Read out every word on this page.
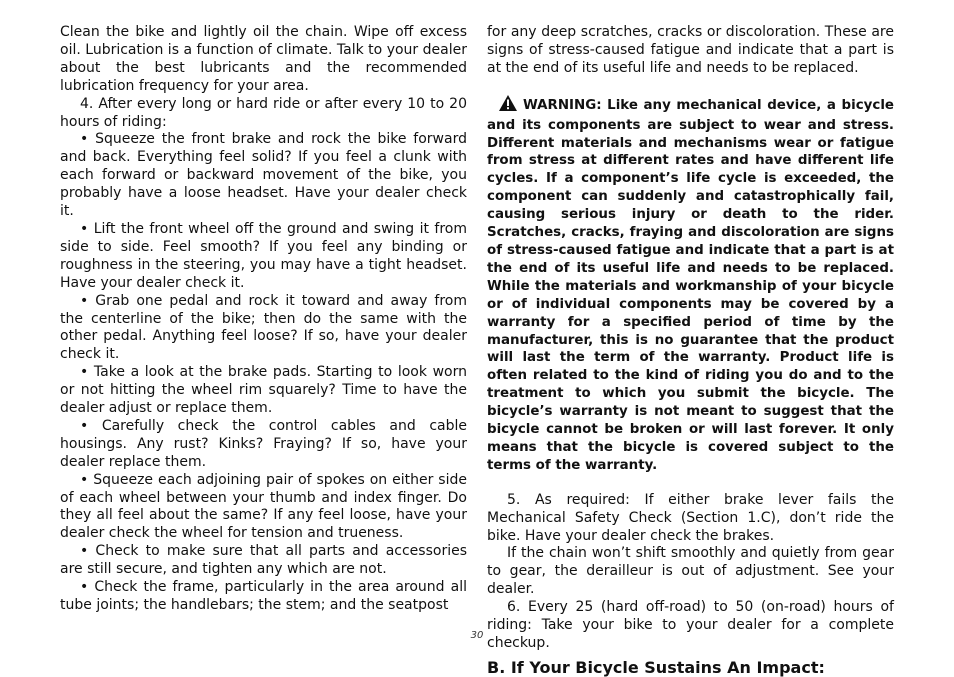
Clean the bike and lightly oil the chain. Wipe off excess oil. Lubrication is a function of climate. Talk to your dealer about the best lubricants and the recommended lubrication frequency for your area.

4. After every long or hard ride or after every 10 to 20 hours of riding:

• Squeeze the front brake and rock the bike forward and back. Everything feel solid? If you feel a clunk with each forward or backward movement of the bike, you probably have a loose headset. Have your dealer check it.

• Lift the front wheel off the ground and swing it from side to side. Feel smooth? If you feel any binding or roughness in the steering, you may have a tight headset. Have your dealer check it.

• Grab one pedal and rock it toward and away from the centerline of the bike; then do the same with the other pedal. Anything feel loose? If so, have your dealer check it.

• Take a look at the brake pads. Starting to look worn or not hitting the wheel rim squarely? Time to have the dealer adjust or replace them.

• Carefully check the control cables and cable housings. Any rust? Kinks? Fraying? If so, have your dealer replace them.

• Squeeze each adjoining pair of spokes on either side of each wheel between your thumb and index finger. Do they all feel about the same? If any feel loose, have your dealer check the wheel for tension and trueness.

• Check to make sure that all parts and accessories are still secure, and tighten any which are not.

• Check the frame, particularly in the area around all tube joints; the handlebars; the stem; and the seatpost

for any deep scratches, cracks or discoloration. These are signs of stress-caused fatigue and indicate that a part is at the end of its useful life and needs to be replaced.

WARNING: Like any mechanical device, a bicycle and its components are subject to wear and stress. Different materials and mechanisms wear or fatigue from stress at different rates and have different life cycles. If a component’s life cycle is exceeded, the component can suddenly and catastrophically fail, causing serious injury or death to the rider. Scratches, cracks, fraying and discoloration are signs of stress-caused fatigue and indicate that a part is at the end of its useful life and needs to be replaced. While the materials and workmanship of your bicycle or of individual components may be covered by a warranty for a specified period of time by the manufacturer, this is no guarantee that the product will last the term of the warranty. Product life is often related to the kind of riding you do and to the treatment to which you submit the bicycle. The bicycle’s warranty is not meant to suggest that the bicycle cannot be broken or will last forever. It only means that the bicycle is covered subject to the terms of the warranty.

5. As required: If either brake lever fails the Mechanical Safety Check (Section 1.C), don’t ride the bike. Have your dealer check the brakes.

If the chain won’t shift smoothly and quietly from gear to gear, the derailleur is out of adjustment. See your dealer.

6. Every 25 (hard off-road) to 50 (on-road) hours of riding: Take your bike to your dealer for a complete checkup.

B. If Your Bicycle Sustains An Impact:

30
